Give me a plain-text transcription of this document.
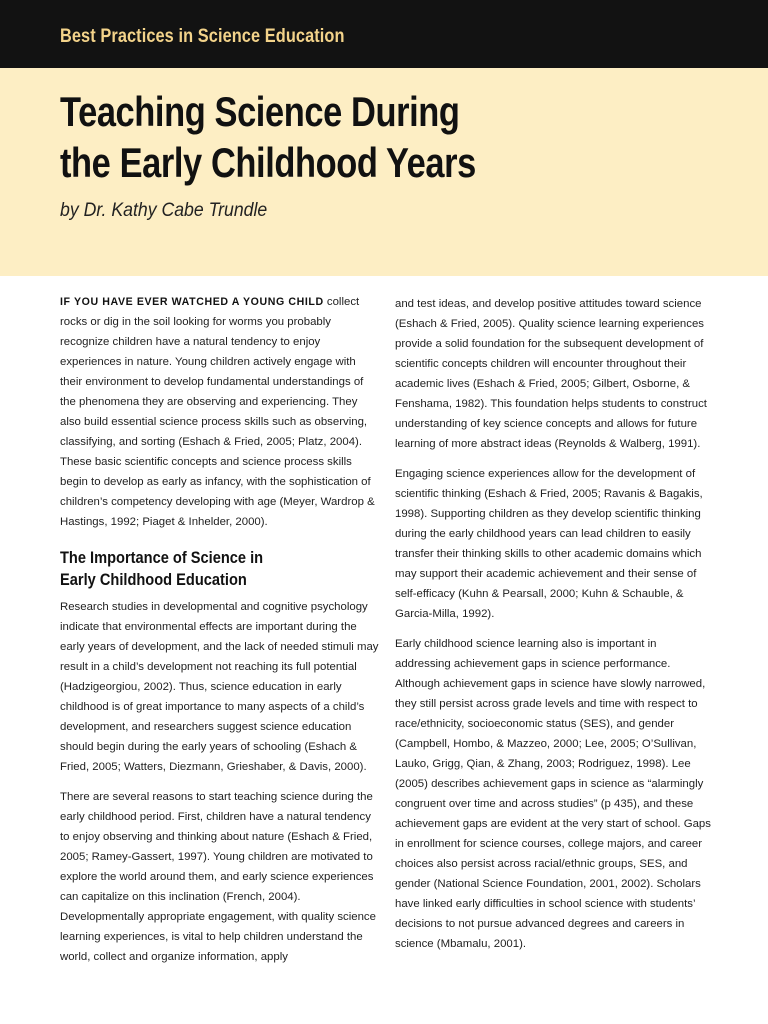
Best Practices in Science Education
Teaching Science During
the Early Childhood Years
by Dr. Kathy Cabe Trundle

IF YOU HAVE EVER WATCHED A YOUNG CHILD collect rocks or dig in the soil looking for worms you probably recognize children have a natural tendency to enjoy experiences in nature. Young children actively engage with their environment to develop fundamental understandings of the phenomena they are observing and experiencing. They also build essential science process skills such as observing, classifying, and sorting (Eshach & Fried, 2005; Platz, 2004). These basic scientific concepts and science process skills begin to develop as early as infancy, with the sophistication of children’s competency developing with age (Meyer, Wardrop & Hastings, 1992; Piaget & Inhelder, 2000).

The Importance of Science in
Early Childhood Education

Research studies in developmental and cognitive psychology indicate that environmental effects are important during the early years of development, and the lack of needed stimuli may result in a child’s development not reaching its full potential (Hadzigeorgiou, 2002). Thus, science education in early childhood is of great importance to many aspects of a child’s development, and researchers suggest science education should begin during the early years of schooling (Eshach & Fried, 2005; Watters, Diezmann, Grieshaber, & Davis, 2000).

There are several reasons to start teaching science during the early childhood period. First, children have a natural tendency to enjoy observing and thinking about nature (Eshach & Fried, 2005; Ramey-Gassert, 1997). Young children are motivated to explore the world around them, and early science experiences can capitalize on this inclination (French, 2004). Developmentally appropriate engagement, with quality science learning experiences, is vital to help children understand the world, collect and organize information, apply

and test ideas, and develop positive attitudes toward science (Eshach & Fried, 2005). Quality science learning experiences provide a solid foundation for the subsequent development of scientific concepts children will encounter throughout their academic lives (Eshach & Fried, 2005; Gilbert, Osborne, & Fenshama, 1982). This foundation helps students to construct understanding of key science concepts and allows for future learning of more abstract ideas (Reynolds & Walberg, 1991).

Engaging science experiences allow for the development of scientific thinking (Eshach & Fried, 2005; Ravanis & Bagakis, 1998). Supporting children as they develop scientific thinking during the early childhood years can lead children to easily transfer their thinking skills to other academic domains which may support their academic achievement and their sense of self-efficacy (Kuhn & Pearsall, 2000; Kuhn & Schauble, & Garcia-Milla, 1992).

Early childhood science learning also is important in addressing achievement gaps in science performance. Although achievement gaps in science have slowly narrowed, they still persist across grade levels and time with respect to race/ethnicity, socioeconomic status (SES), and gender (Campbell, Hombo, & Mazzeo, 2000; Lee, 2005; O’Sullivan, Lauko, Grigg, Qian, & Zhang, 2003; Rodriguez, 1998). Lee (2005) describes achievement gaps in science as “alarmingly congruent over time and across studies” (p 435), and these achievement gaps are evident at the very start of school. Gaps in enrollment for science courses, college majors, and career choices also persist across racial/ethnic groups, SES, and gender (National Science Foundation, 2001, 2002). Scholars have linked early difficulties in school science with students’ decisions to not pursue advanced degrees and careers in science (Mbamalu, 2001).
